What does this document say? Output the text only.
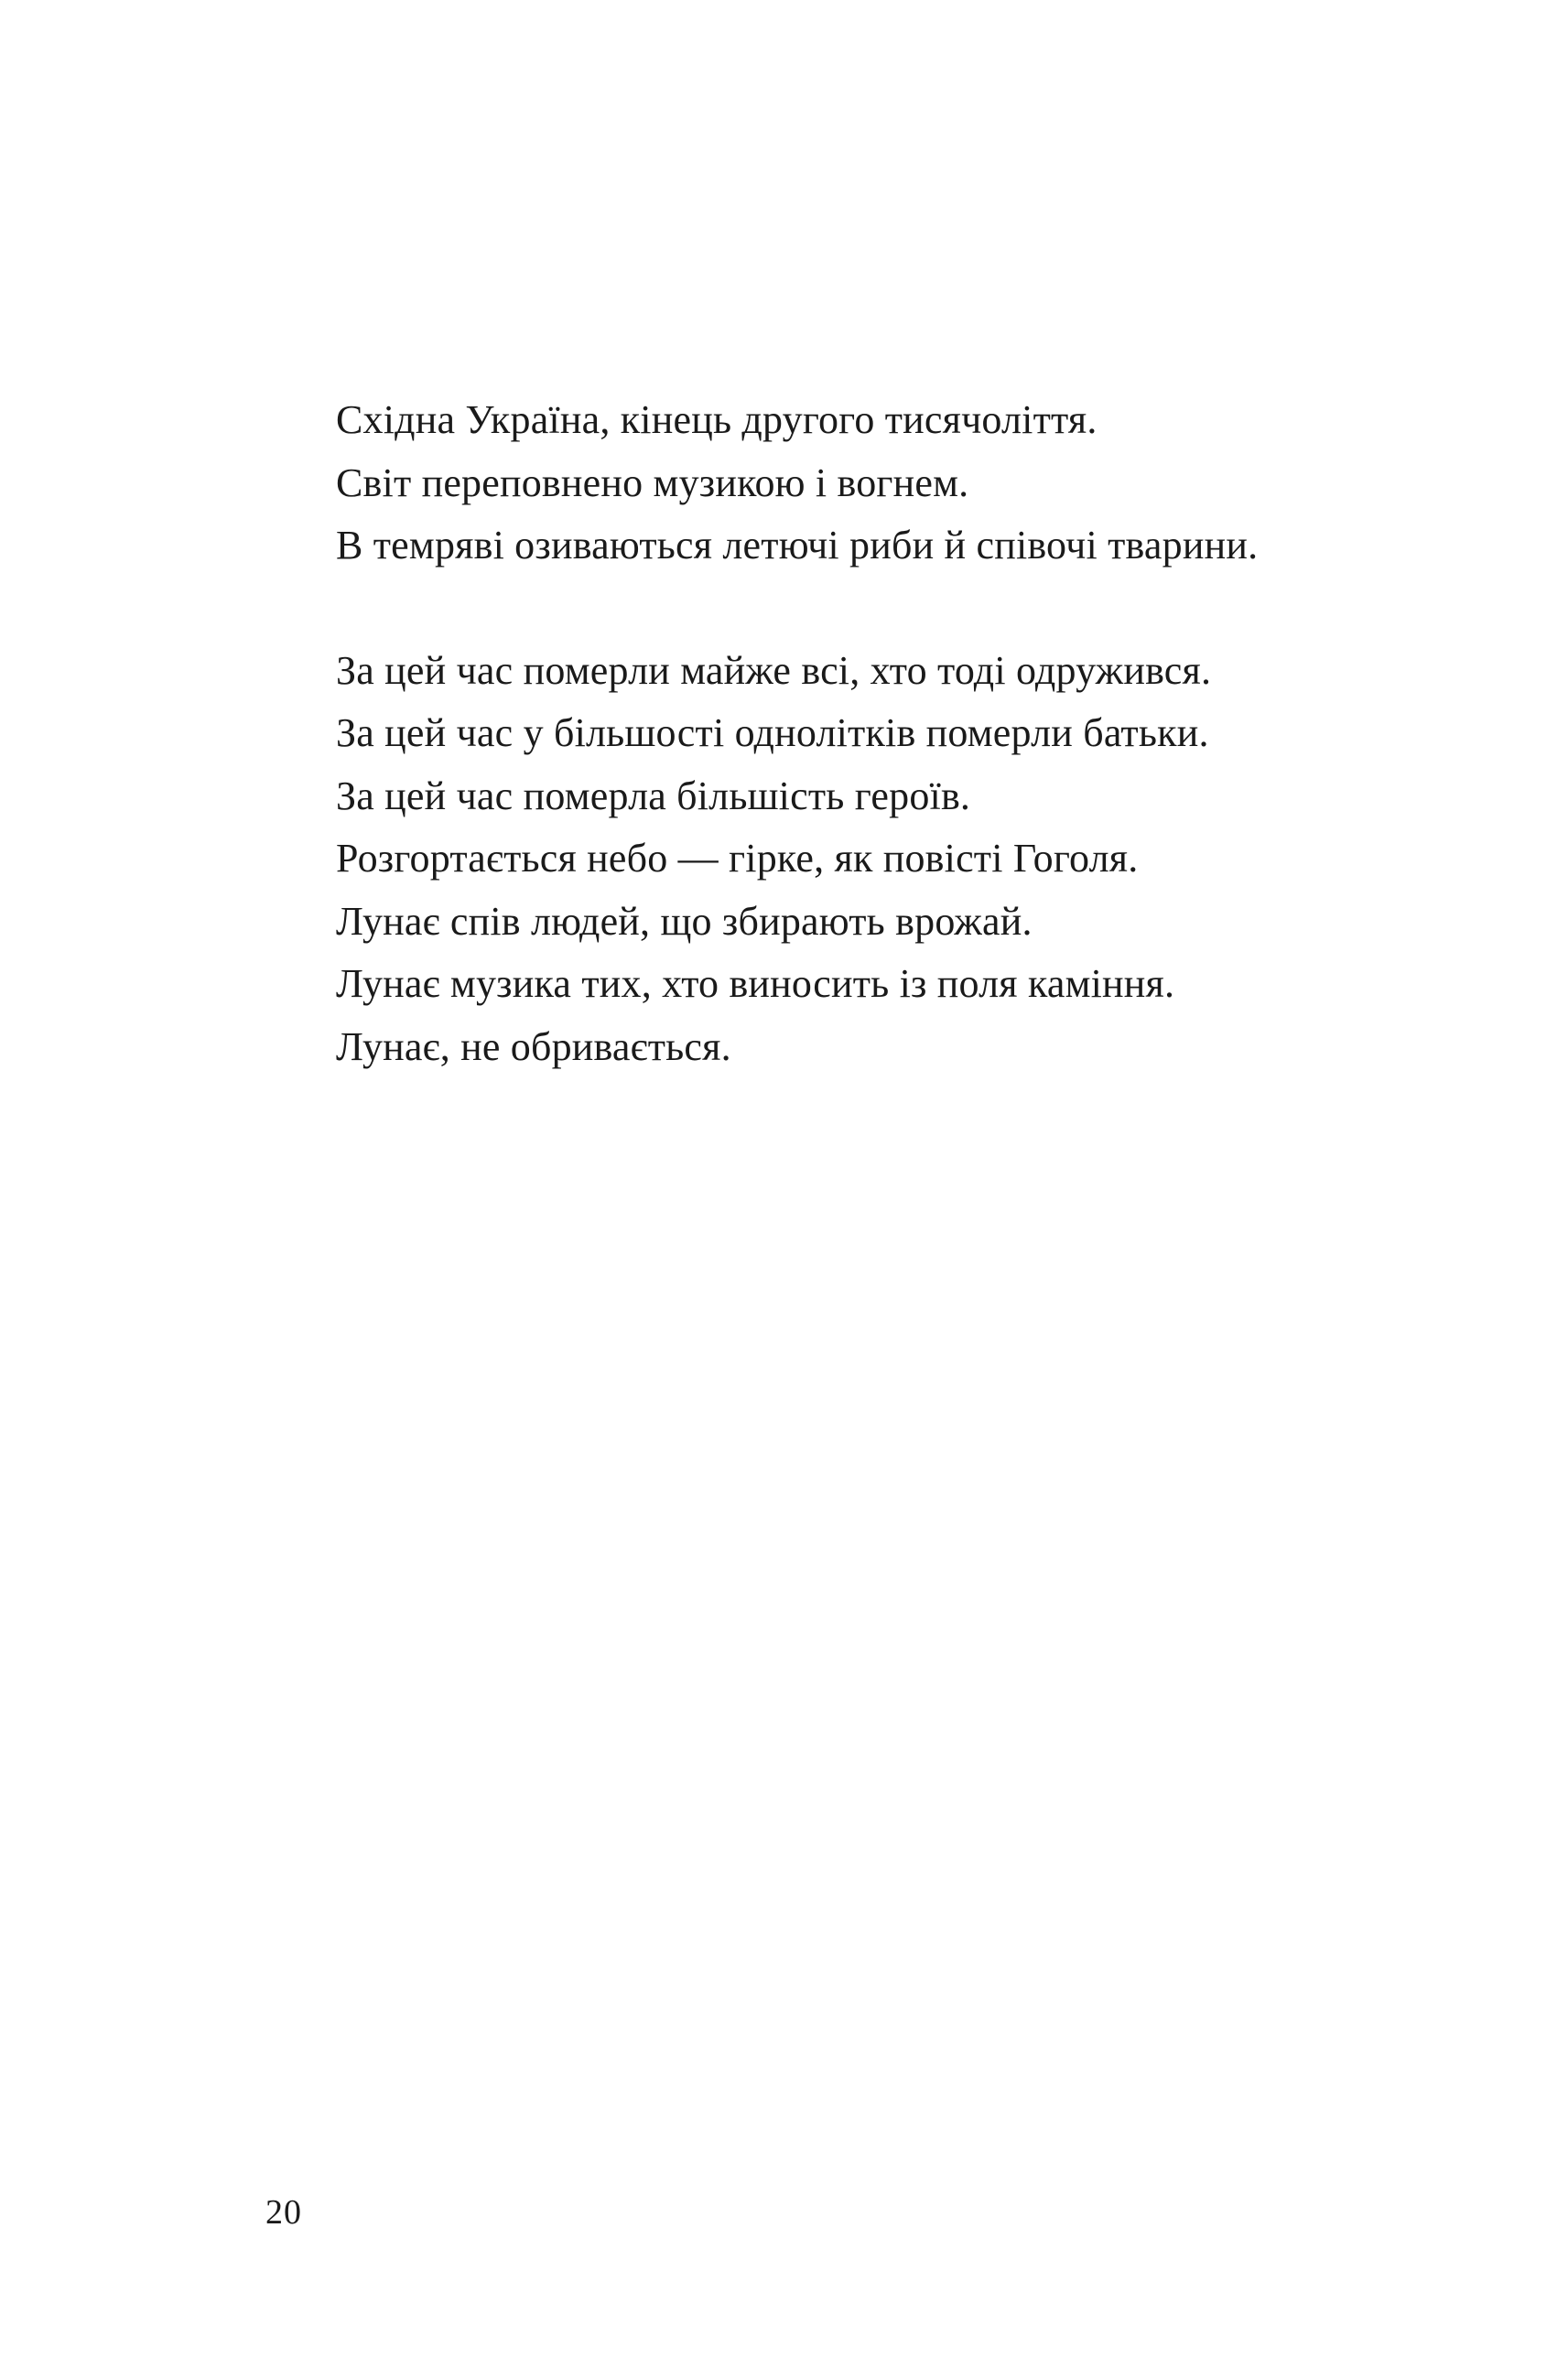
Східна Україна, кінець другого тисячоліття.
Світ переповнено музикою і вогнем.
В темряві озиваються летючі риби й співочі тварини.
За цей час померли майже всі, хто тоді одружився.
За цей час у більшості однолітків померли батьки.
За цей час померла більшість героїв.
Розгортається небо — гірке, як повісті Гоголя.
Лунає спів людей, що збирають врожай.
Лунає музика тих, хто виносить із поля каміння.
Лунає, не обривається.
20
